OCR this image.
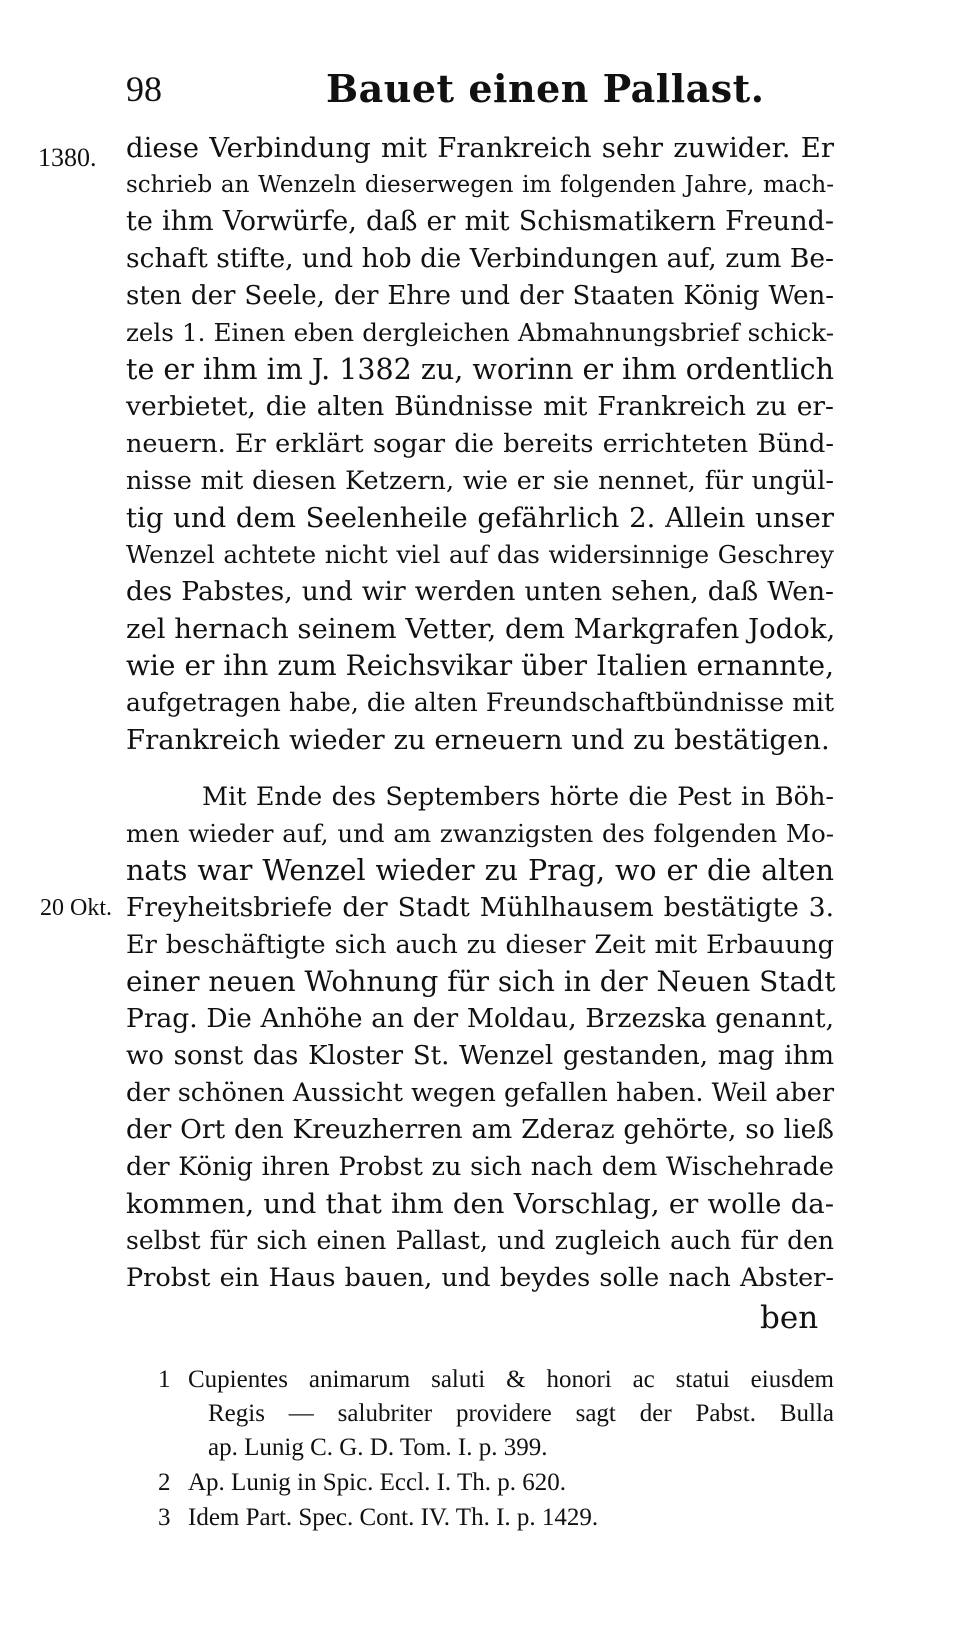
98	Bauet einen Pallast.
1380.
20 Okt.
diese Verbindung mit Frankreich sehr zuwider. Er
schrieb an Wenzeln dieserwegen im folgenden Jahre, mach-
te ihm Vorwürfe, daß er mit Schismatikern Freund-
schaft stifte, und hob die Verbindungen auf, zum Be-
sten der Seele, der Ehre und der Staaten König Wen-
zels 1. Einen eben dergleichen Abmahnungsbrief schick-
te er ihm im J. 1382 zu, worinn er ihm ordentlich
verbietet, die alten Bündnisse mit Frankreich zu er-
neuern. Er erklärt sogar die bereits errichteten Bünd-
nisse mit diesen Ketzern, wie er sie nennet, für ungül-
tig und dem Seelenheile gefährlich 2. Allein unser
Wenzel achtete nicht viel auf das widersinnige Geschrey
des Pabstes, und wir werden unten sehen, daß Wen-
zel hernach seinem Vetter, dem Markgrafen Jodok,
wie er ihn zum Reichsvikar über Italien ernannte,
aufgetragen habe, die alten Freundschaftbündnisse mit
Frankreich wieder zu erneuern und zu bestätigen.
Mit Ende des Septembers hörte die Pest in Böh-
men wieder auf, und am zwanzigsten des folgenden Mo-
nats war Wenzel wieder zu Prag, wo er die alten
Freyheitsbriefe der Stadt Mühlhausem bestätigte 3.
Er beschäftigte sich auch zu dieser Zeit mit Erbauung
einer neuen Wohnung für sich in der Neuen Stadt
Prag. Die Anhöhe an der Moldau, Brzezska genannt,
wo sonst das Kloster St. Wenzel gestanden, mag ihm
der schönen Aussicht wegen gefallen haben. Weil aber
der Ort den Kreuzherren am Zderaz gehörte, so ließ
der König ihren Probst zu sich nach dem Wischehrade
kommen, und that ihm den Vorschlag, er wolle da-
selbst für sich einen Pallast, und zugleich auch für den
Probst ein Haus bauen, und beydes solle nach Abster-
ben
1 Cupientes animarum saluti & honori ac statui eiusdem
Regis — salubriter providere sagt der Pabst. Bulla
ap. Lunig C. G. D. Tom. I. p. 399.
2 Ap. Lunig in Spic. Eccl. I. Th. p. 620.
3 Idem Part. Spec. Cont. IV. Th. I. p. 1429.
